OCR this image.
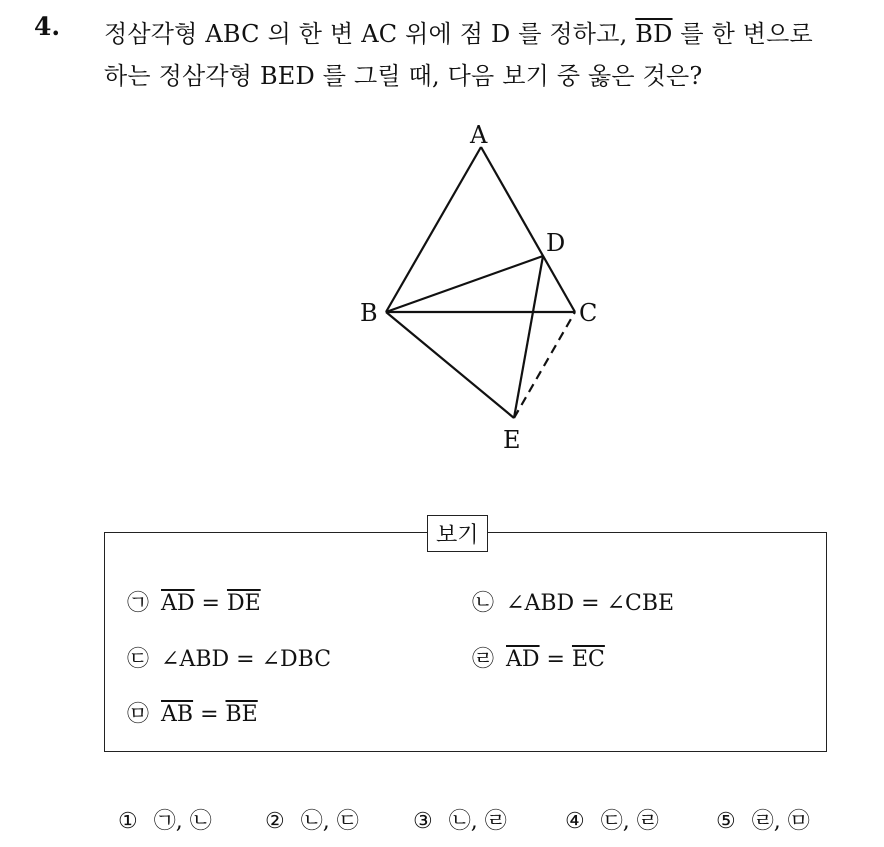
4. 정삼각형 ABC 의 한 변 AC 위에 점 D 를 정하고, $\overline{BD}$ 를 한 변으로
하는 정삼각형 BED 를 그릴 때, 다음 보기 중 옳은 것은?
A
B	C
D
E
보기
㉠ $\overline{AD} = \overline{DE}$	㉡ ∠ABD = ∠CBE
㉢ ∠ABD = ∠DBC	㉣ $\overline{AD} = \overline{EC}$
㉤ $\overline{AB} = \overline{BE}$
① ㉠, ㉡ ② ㉡, ㉢ ③ ㉡, ㉣	④ ㉢, ㉣	⑤ ㉣, ㉤
